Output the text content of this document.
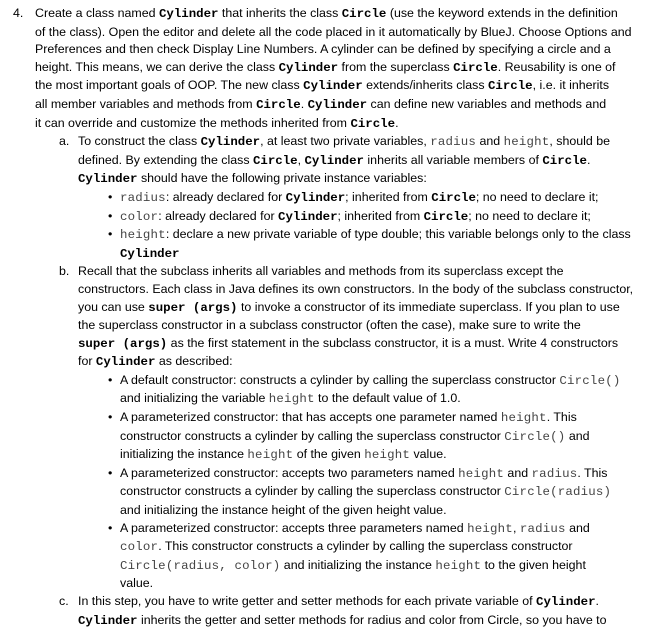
4. Create a class named Cylinder that inherits the class Circle (use the keyword extends in the definition
of the class). Open the editor and delete all the code placed in it automatically by BlueJ. Choose Options and
Preferences and then check Display Line Numbers. A cylinder can be defined by specifying a circle and a
height. This means, we can derive the class Cylinder from the superclass Circle. Reusability is one of
the most important goals of OOP. The new class Cylinder extends/inherits class Circle, i.e. it inherits
all member variables and methods from Circle. Cylinder can define new variables and methods and
it can override and customize the methods inherited from Circle.
a. To construct the class Cylinder, at least two private variables, radius and height, should be
defined. By extending the class Circle, Cylinder inherits all variable members of Circle.
Cylinder should have the following private instance variables:
• radius: already declared for Cylinder; inherited from Circle; no need to declare it;
• color: already declared for Cylinder; inherited from Circle; no need to declare it;
• height: declare a new private variable of type double; this variable belongs only to the class
Cylinder
b. Recall that the subclass inherits all variables and methods from its superclass except the
constructors. Each class in Java defines its own constructors. In the body of the subclass constructor,
you can use super (args) to invoke a constructor of its immediate superclass. If you plan to use
the superclass constructor in a subclass constructor (often the case), make sure to write the
super (args) as the first statement in the subclass constructor, it is a must. Write 4 constructors
for Cylinder as described:
• A default constructor: constructs a cylinder by calling the superclass constructor Circle()
and initializing the variable height to the default value of 1.0.
• A parameterized constructor: that has accepts one parameter named height. This
constructor constructs a cylinder by calling the superclass constructor Circle() and
initializing the instance height of the given height value.
• A parameterized constructor: accepts two parameters named height and radius. This
constructor constructs a cylinder by calling the superclass constructor Circle(radius)
and initializing the instance height of the given height value.
• A parameterized constructor: accepts three parameters named height, radius and
color. This constructor constructs a cylinder by calling the superclass constructor
Circle(radius, color) and initializing the instance height to the given height
value.
c. In this step, you have to write getter and setter methods for each private variable of Cylinder.
Cylinder inherits the getter and setter methods for radius and color from Circle, so you have to
